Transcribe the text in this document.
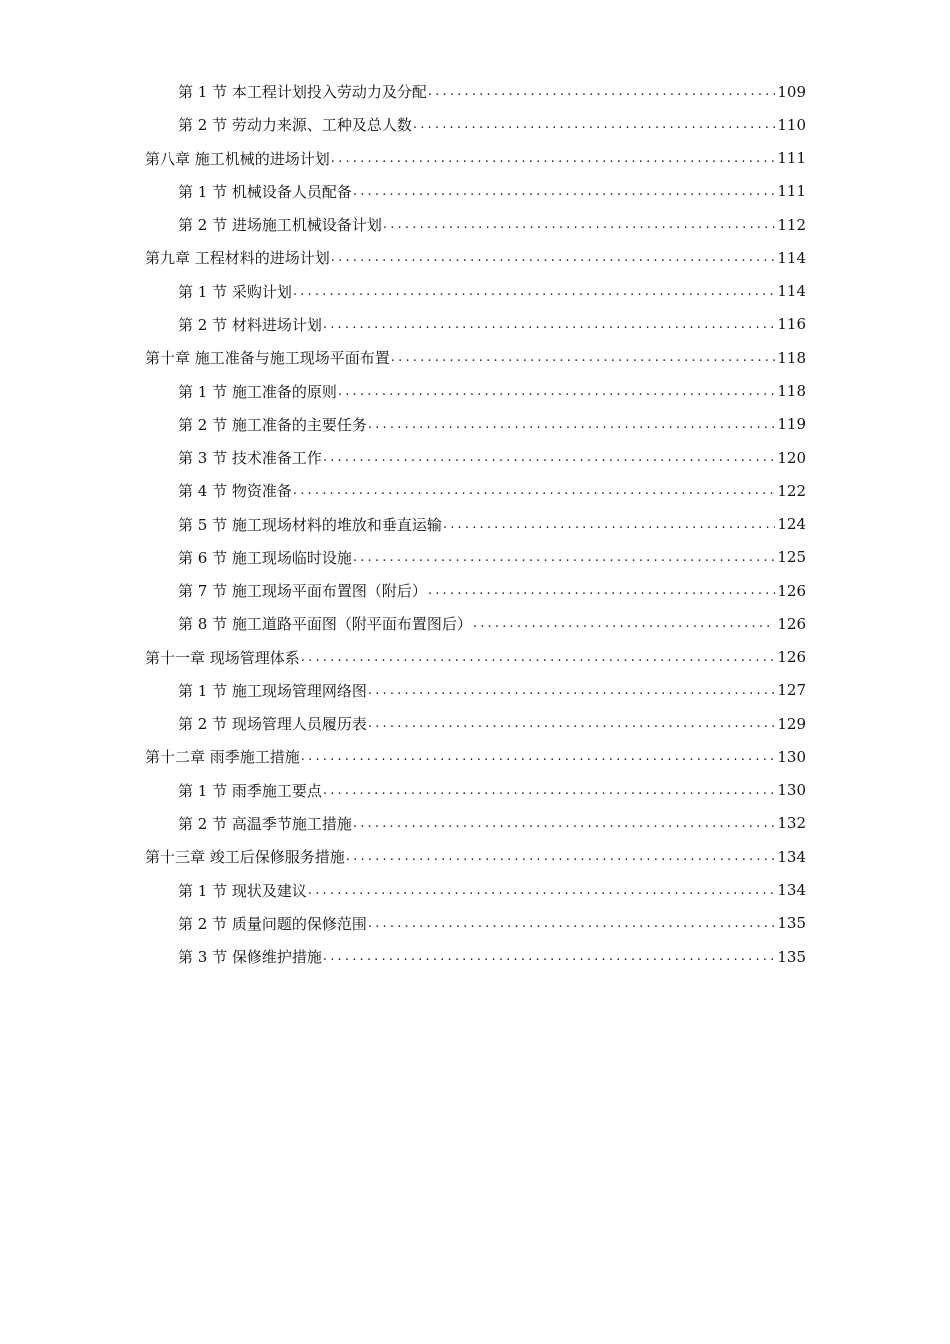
第 1 节 本工程计划投入劳动力及分配 .....	109
第 2 节 劳动力来源、工种及总人数 .....	110
第八章 施工机械的进场计划 .....	111
第 1 节 机械设备人员配备 .....	111
第 2 节 进场施工机械设备计划 .....	112
第九章 工程材料的进场计划 .....	114
第 1 节 采购计划 .....	114
第 2 节 材料进场计划 .....	116
第十章 施工准备与施工现场平面布置 .....	118
第 1 节 施工准备的原则 .....	118
第 2 节 施工准备的主要任务 .....	119
第 3 节 技术准备工作 .....	120
第 4 节 物资准备 .....	122
第 5 节 施工现场材料的堆放和垂直运输 .....	124
第 6 节 施工现场临时设施 .....	125
第 7 节 施工现场平面布置图（附后） .....	126
第 8 节 施工道路平面图（附平面布置图后） .....	126
第十一章 现场管理体系 .....	126
第 1 节 施工现场管理网络图 .....	127
第 2 节 现场管理人员履历表 .....	129
第十二章 雨季施工措施 .....	130
第 1 节 雨季施工要点 .....	130
第 2 节 高温季节施工措施 .....	132
第十三章 竣工后保修服务措施 .....	134
第 1 节 现状及建议 .....	134
第 2 节 质量问题的保修范围 .....	135
第 3 节 保修维护措施 .....	135
